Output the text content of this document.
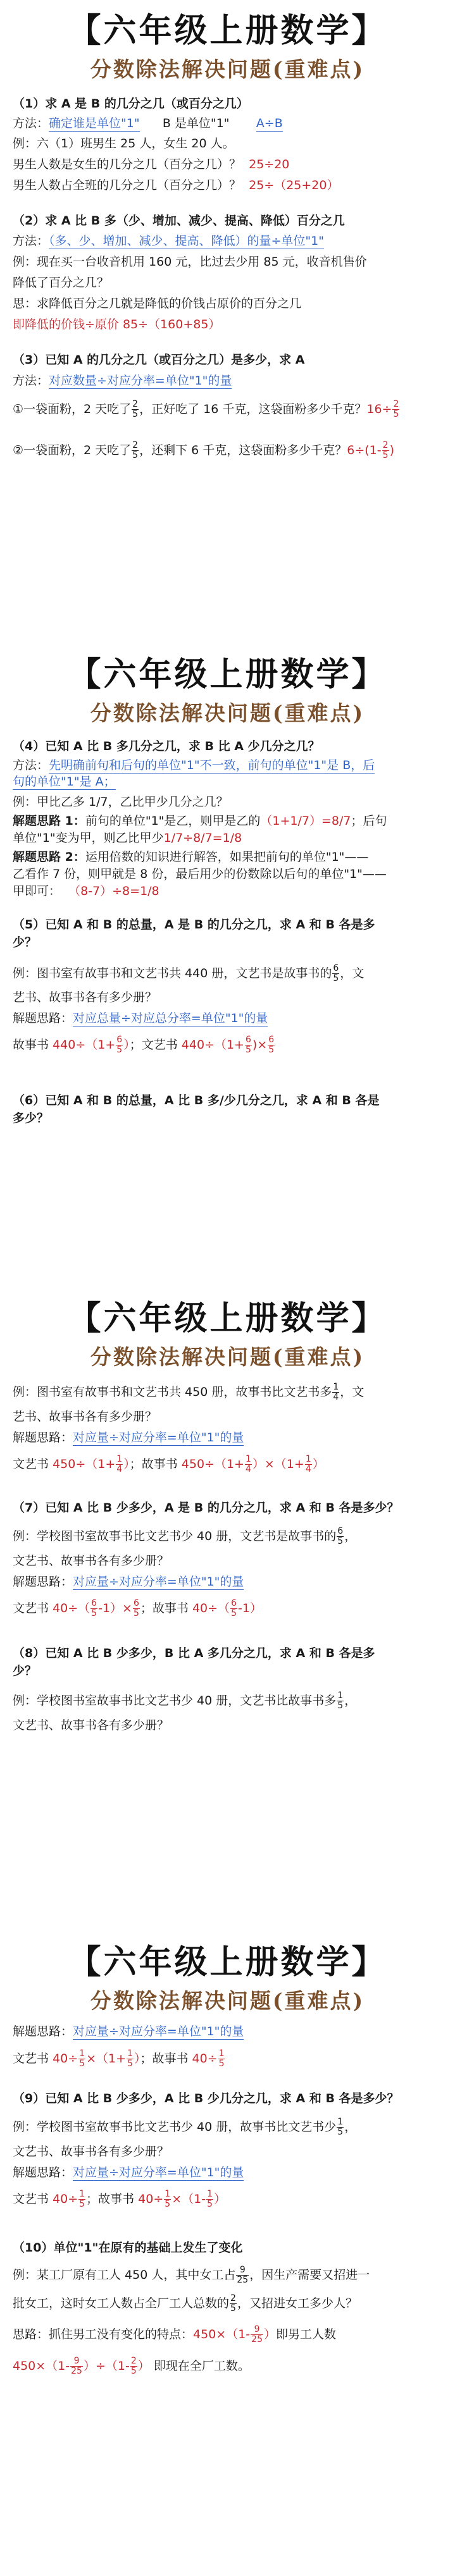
【六年级上册数学】
分数除法解决问题(重难点)
（1）求 A 是 B 的几分之几（或百分之几）
方法：确定谁是单位"1" B 是单位"1" A÷B
例：六（1）班男生 25 人，女生 20 人。
男生人数是女生的几分之几（百分之几）？ 25÷20
男生人数占全班的几分之几（百分之几）？ 25÷（25+20）
（2）求 A 比 B 多（少、增加、减少、提高、降低）百分之几
方法：（多、少、增加、减少、提高、降低）的量÷单位"1"
例：现在买一台收音机用 160 元，比过去少用 85 元，收音机售价
降低了百分之几？
思：求降低百分之几就是降低的价钱占原价的百分之几
即降低的价钱÷原价 85÷（160+85）
（3）已知 A 的几分之几（或百分之几）是多少，求 A
方法：对应数量÷对应分率=单位"1"的量
①一袋面粉，2 天吃了 $\frac{2}{5}$ ，正好吃了 16 千克，这袋面粉多少千克？$16\div \frac{2}{5}$
②一袋面粉，2 天吃了 $\frac{2}{5}$ ，还剩下 6 千克，这袋面粉多少千克？$6\div(1- \frac{2}{5}$ )
【六年级上册数学】
分数除法解决问题(重难点)
（4）已知 A 比 B 多几分之几，求 B 比 A 少几分之几？
方法：先明确前句和后句的单位"1"不一致，前句的单位"1"是 B，后
句的单位"1"是 A；
例：甲比乙多 1/7，乙比甲少几分之几？
解题思路 1：前句的单位"1"是乙，则甲是乙的（1+1/7）=8/7；后句
单位"1"变为甲，则乙比甲少1/7÷8/7=1/8
解题思路 2：运用倍数的知识进行解答，如果把前句的单位"1"——
乙看作 7 份，则甲就是 8 份，最后用少的份数除以后句的单位"1"——
甲即可： （8-7）÷8=1/8
（5）已知 A 和 B 的总量，A 是 B 的几分之几，求 A 和 B 各是多
少？
例：图书室有故事书和文艺书共 440 册，文艺书是故事书的 $\frac{6}{5}$ ，文
艺书、故事书各有多少册？
解题思路：对应总量÷对应总分率=单位"1"的量
故事书 $440\div(1+ \frac{6}{5}$ ）；文艺书 $440\div(1+ \frac{6}{5}$ )× $\frac{6}{5}$
（6）已知 A 和 B 的总量，A 比 B 多/少几分之几，求 A 和 B 各是
多少？
【六年级上册数学】
分数除法解决问题(重难点)
例：图书室有故事书和文艺书共 450 册，故事书比文艺书多 $\frac{1}{4}$ ，文
艺书、故事书各有多少册？
解题思路：对应量÷对应分率=单位"1"的量
文艺书 $450\div(1+ \frac{1}{4}$ ）；故事书 $450\div(1+ \frac{1}{4} )\times(1+ \frac{1}{4}$ ）
（7）已知 A 比 B 少多少，A 是 B 的几分之几，求 A 和 B 各是多少？
例：学校图书室故事书比文艺书少 40 册，文艺书是故事书的 $\frac{6}{5}$ ，
文艺书、故事书各有多少册？
解题思路：对应量÷对应分率=单位"1"的量
文艺书 $40\div( \frac{6}{5} -1)\times \frac{6}{5}$ ；故事书 $40\div( \frac{6}{5} -1)$
（8）已知 A 比 B 少多少，B 比 A 多几分之几，求 A 和 B 各是多
少？
例：学校图书室故事书比文艺书少 40 册，文艺书比故事书多 $\frac{1}{5}$ ，
文艺书、故事书各有多少册？
【六年级上册数学】
分数除法解决问题(重难点)
解题思路：对应量÷对应分率=单位"1"的量
文艺书 $40\div \frac{1}{5} \times(1+ \frac{1}{5}$ ）；故事书 $40\div \frac{1}{5}$
（9）已知 A 比 B 少多少，A 比 B 少几分之几，求 A 和 B 各是多少？
例：学校图书室故事书比文艺书少 40 册，故事书比文艺书少 $\frac{1}{5}$ ，
文艺书、故事书各有多少册？
解题思路：对应量÷对应分率=单位"1"的量
文艺书 $40\div \frac{1}{5}$ ；故事书 $40\div \frac{1}{5} \times(1- \frac{1}{5}$ ）
（10）单位"1"在原有的基础上发生了变化
例：某工厂原有工人 450 人，其中女工占 $\frac{9}{25}$ ，因生产需要又招进一
批女工，这时女工人数占全厂工人总数的 $\frac{2}{5}$ ，又招进女工多少人？
思路：抓住男工没有变化的特点：$450\times(1- \frac{9}{25}$ ）即男工人数
$450\times(1- \frac{9}{25} )\div(1- \frac{2}{5}$ ） 即现在全厂工数。
